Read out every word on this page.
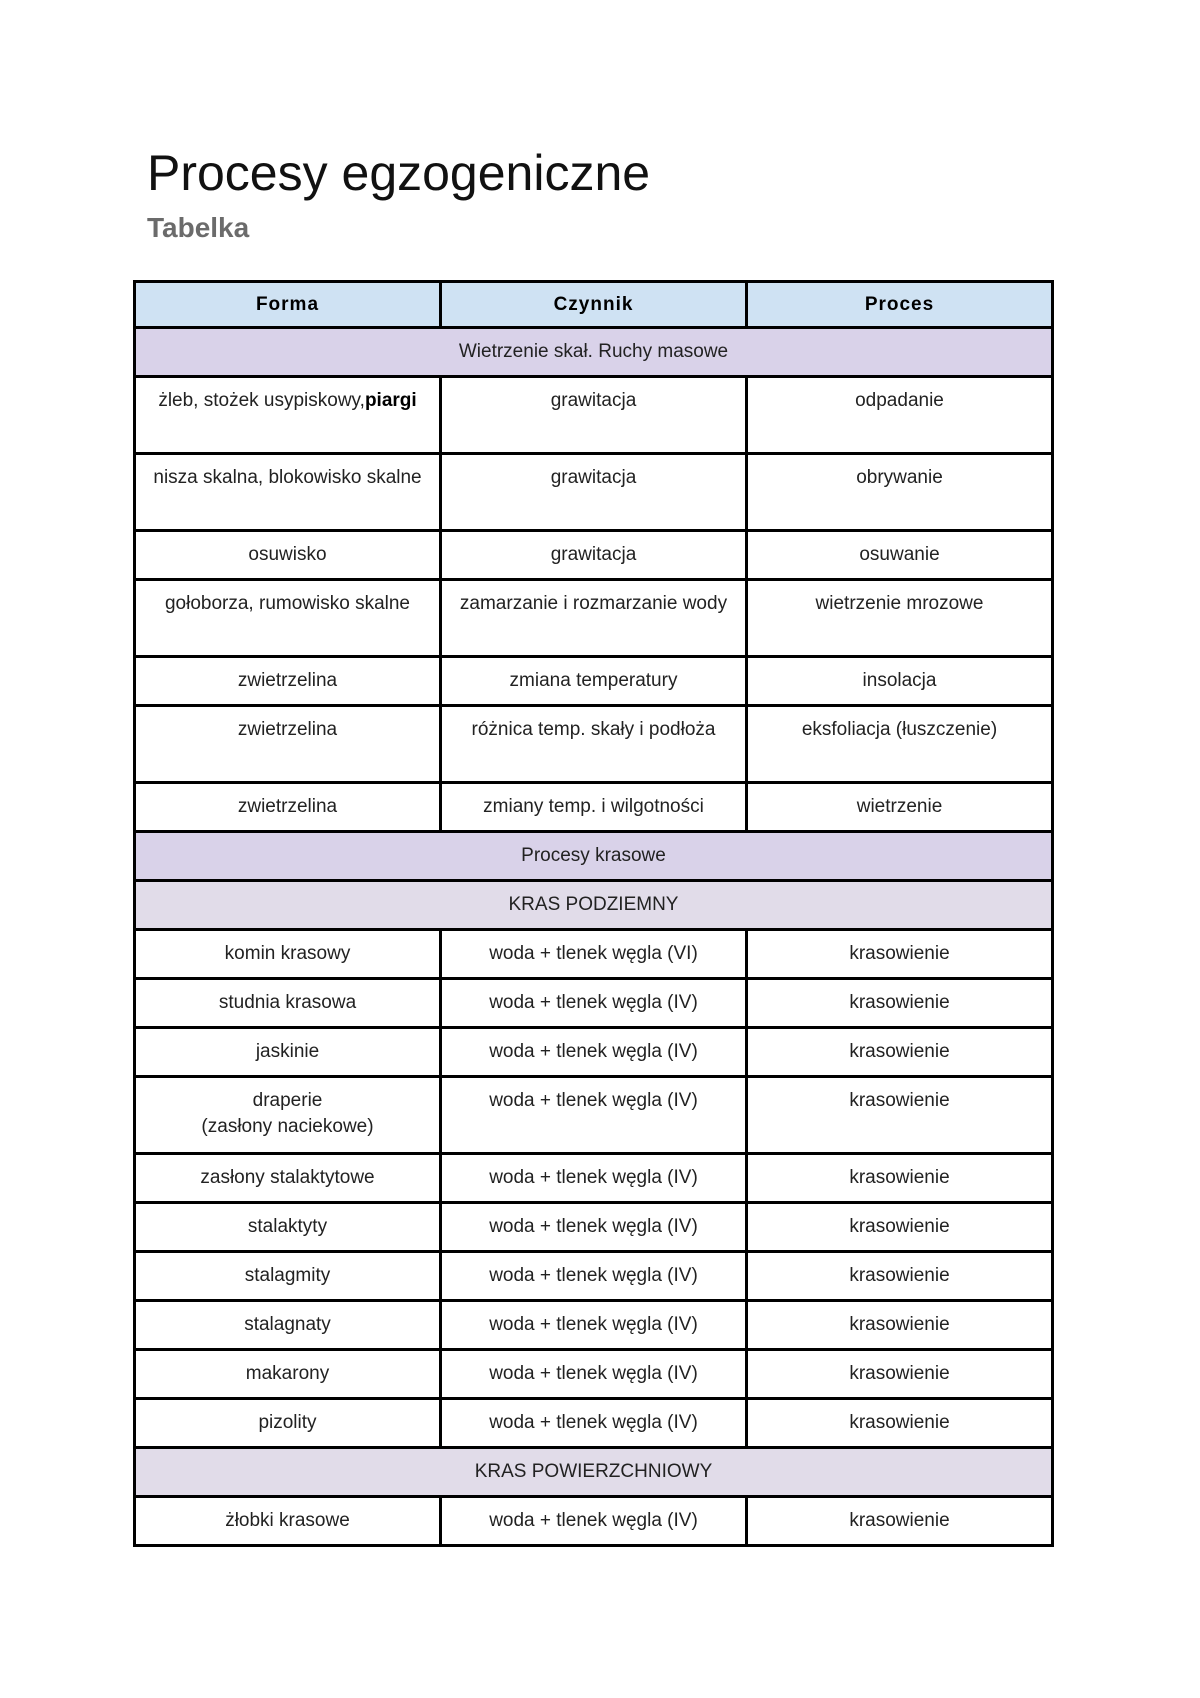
Procesy egzogeniczne
Tabelka
Forma	Czynnik	Proces
Wietrzenie skał. Ruchy masowe		
żleb, stożek usypiskowy,piargi	grawitacja	odpadanie
nisza skalna, blokowisko skalne	grawitacja	obrywanie
osuwisko	grawitacja	osuwanie
gołoborza, rumowisko skalne	zamarzanie i rozmarzanie wody	wietrzenie mrozowe
zwietrzelina	zmiana temperatury	insolacja
zwietrzelina	różnica temp. skały i podłoża	eksfoliacja (łuszczenie)
zwietrzelina	zmiany temp. i wilgotności	wietrzenie
Procesy krasowe		
KRAS PODZIEMNY		
komin krasowy	woda + tlenek węgla (VI)	krasowienie
studnia krasowa	woda + tlenek węgla (IV)	krasowienie
jaskinie	woda + tlenek węgla (IV)	krasowienie
draperie
(zasłony naciekowe)	woda + tlenek węgla (IV)	krasowienie
zasłony stalaktytowe	woda + tlenek węgla (IV)	krasowienie
stalaktyty	woda + tlenek węgla (IV)	krasowienie
stalagmity	woda + tlenek węgla (IV)	krasowienie
stalagnaty	woda + tlenek węgla (IV)	krasowienie
makarony	woda + tlenek węgla (IV)	krasowienie
pizolity	woda + tlenek węgla (IV)	krasowienie
KRAS POWIERZCHNIOWY		
żłobki krasowe	woda + tlenek węgla (IV)	krasowienie
